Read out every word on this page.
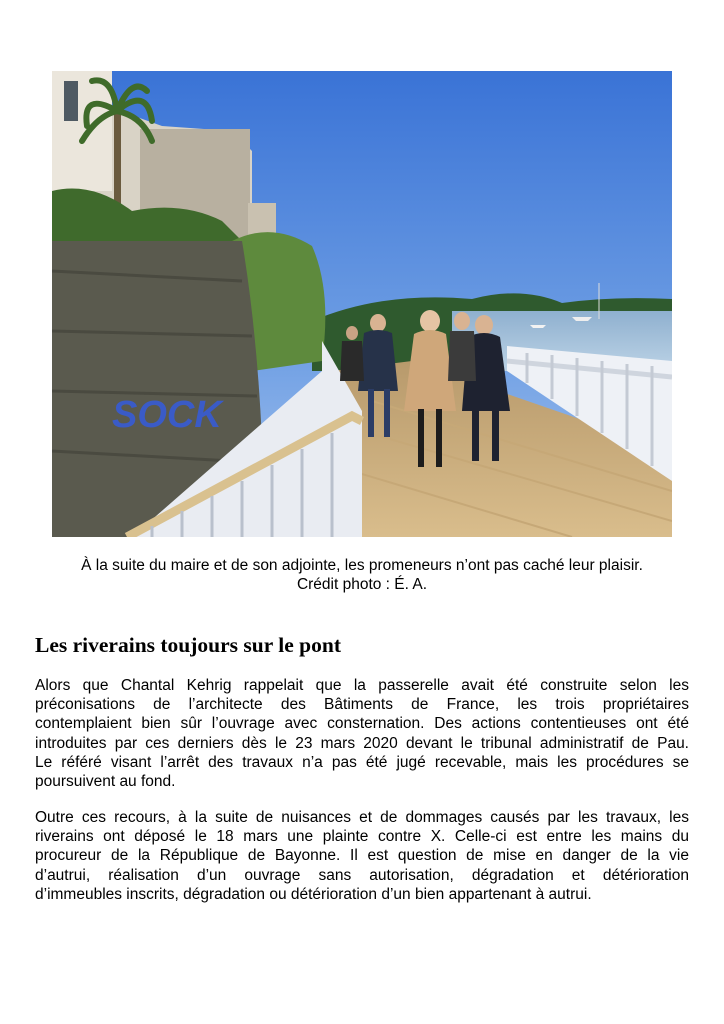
SOCK
À la suite du maire et de son adjointe, les promeneurs n’ont pas caché leur plaisir.
Crédit photo : É. A.
Les riverains toujours sur le pont
Alors que Chantal Kehrig rappelait que la passerelle avait été construite selon les
préconisations de l’architecte des Bâtiments de France, les trois propriétaires
contemplaient bien sûr l’ouvrage avec consternation. Des actions contentieuses ont été
introduites par ces derniers dès le 23 mars 2020 devant le tribunal administratif de Pau.
Le référé visant l’arrêt des travaux n’a pas été jugé recevable, mais les procédures se
poursuivent au fond.
Outre ces recours, à la suite de nuisances et de dommages causés par les travaux, les
riverains ont déposé le 18 mars une plainte contre X. Celle-ci est entre les mains du
procureur de la République de Bayonne. Il est question de mise en danger de la vie
d’autrui, réalisation d’un ouvrage sans autorisation, dégradation et détérioration
d’immeubles inscrits, dégradation ou détérioration d’un bien appartenant à autrui.
